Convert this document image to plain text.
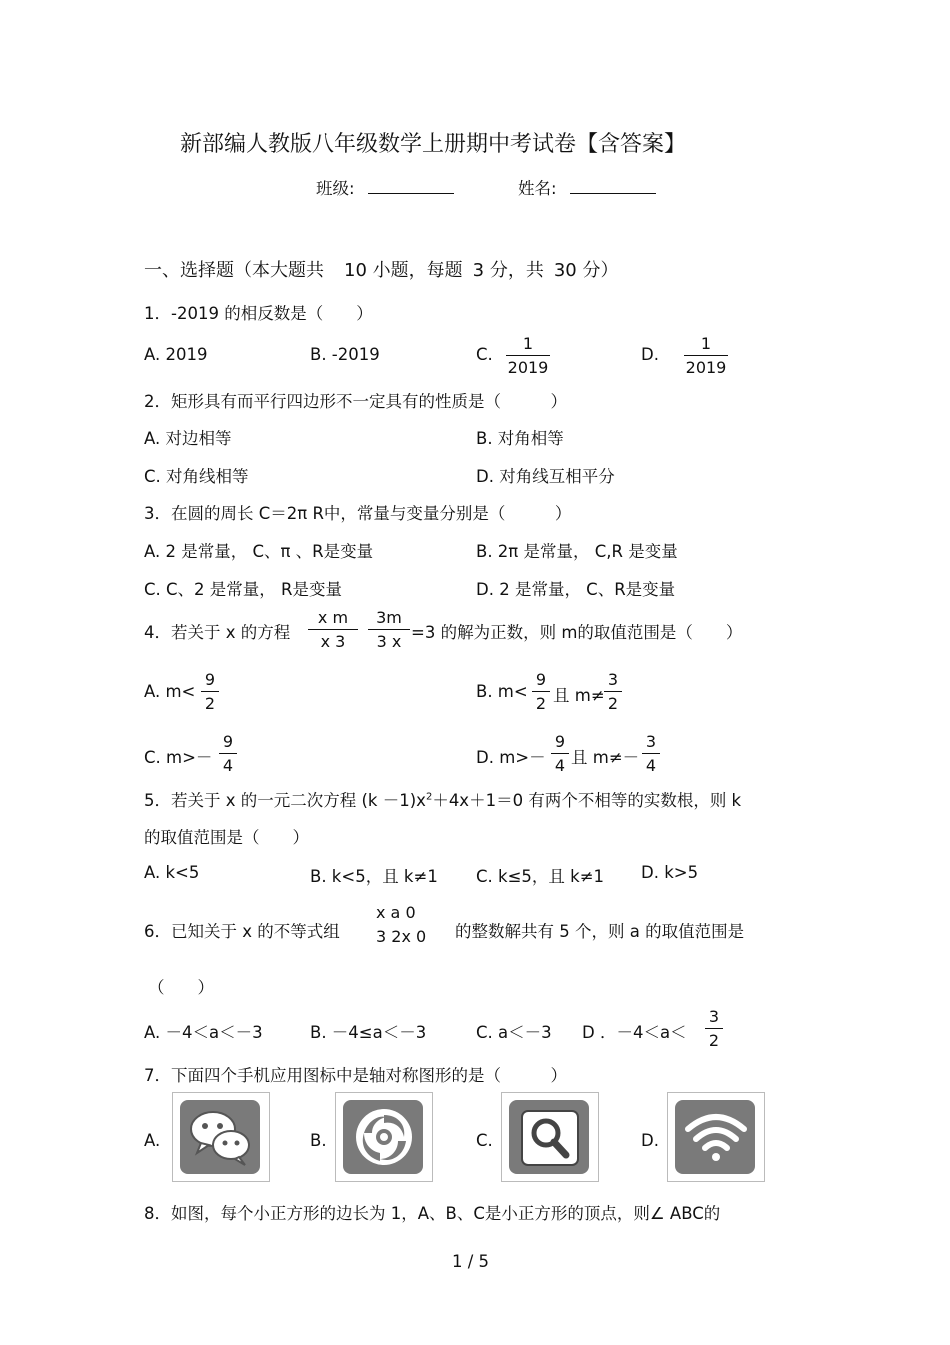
新部编人教版八年级数学上册期中考试卷【含答案】
班级:	姓名:
一、选择题（本大题共 10 小题，每题 3 分，共 30 分）
1．-2019 的相反数是（　　）
A. 2019	B. -2019	C. $\frac{1}{2019}$	D. $\frac{1}{2019}$
2．矩形具有而平行四边形不一定具有的性质是（　　　）
A. 对边相等	B. 对角相等
C. 对角线相等	D. 对角线互相平分
3．在圆的周长 C＝2π R中，常量与变量分别是（　　　）
A. 2 是常量， C、π 、R是变量	B. 2π 是常量， C,R 是变量
C. C、2 是常量， R是变量	D. 2 是常量， C、R是变量
4．若关于 x 的方程 $\frac{\text{x m}}{x 3} \frac{3m}{3 x} =3$ 的解为正数，则 m的取值范围是（　　）
A. $m< \frac{9}{2}$	B. $m< \frac{9}{2}$ 且 $m\ne \frac{3}{2}$
C. $m>- \frac{9}{4}$	D. $m>- \frac{9}{4}$ 且 $m\ne- \frac{3}{4}$
5．若关于 x 的一元二次方程 $(k -1)x^2+4x+1=0$ 有两个不相等的实数根，则 k
的取值范围是（　　）
A. k<5	B. k<5，且 k≠1 C. k≤5，且 k≠1 D. k>5
6．已知关于 x 的不等式组
x a 0
3 2x 0 的整数解共有 5 个，则 a 的取值范围是
（　　）
A. －4＜a＜－3	B. －4≤a＜－3	C. a＜－3 D ．$-4<a< \frac{3}{2}$
7．下面四个手机应用图标中是轴对称图形的是（　　　）
A.	B.	C.	D.
8．如图，每个小正方形的边长为 1，A、B、C是小正方形的顶点，则∠ ABC的
1 / 5
